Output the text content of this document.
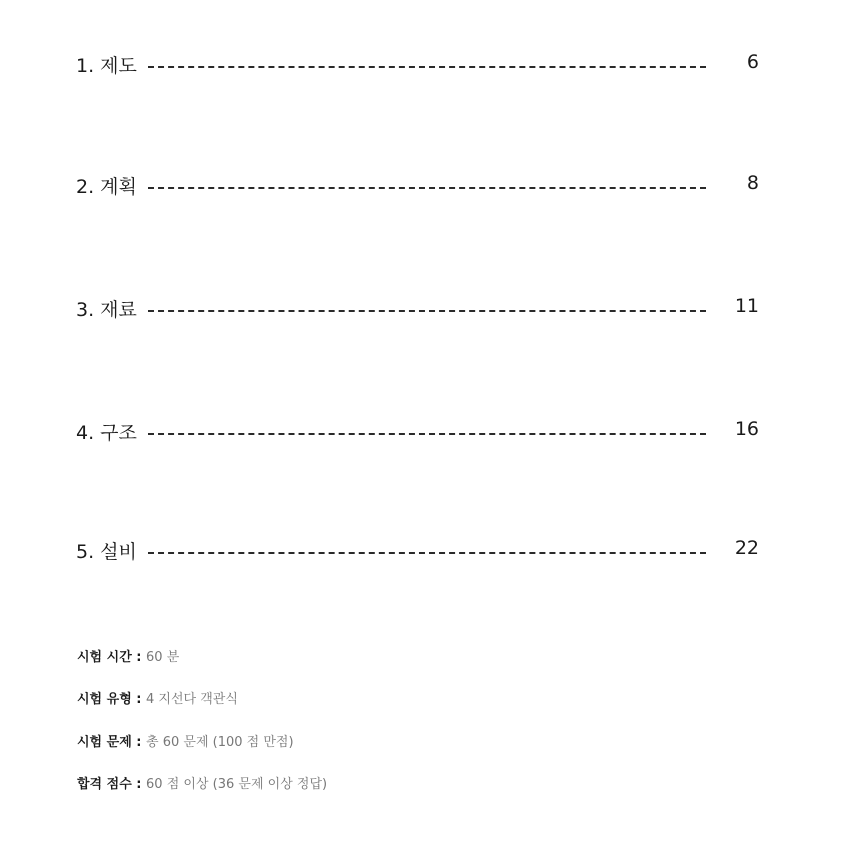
1. 제도	6
2. 계획	8
3. 재료	11
4. 구조	16
5. 설비	22
시험 시간 : 60 분
시험 유형 : 4 지선다 객관식
시험 문제 : 총 60 문제 (100 점 만점)
합격 점수 : 60 점 이상 (36 문제 이상 정답)
